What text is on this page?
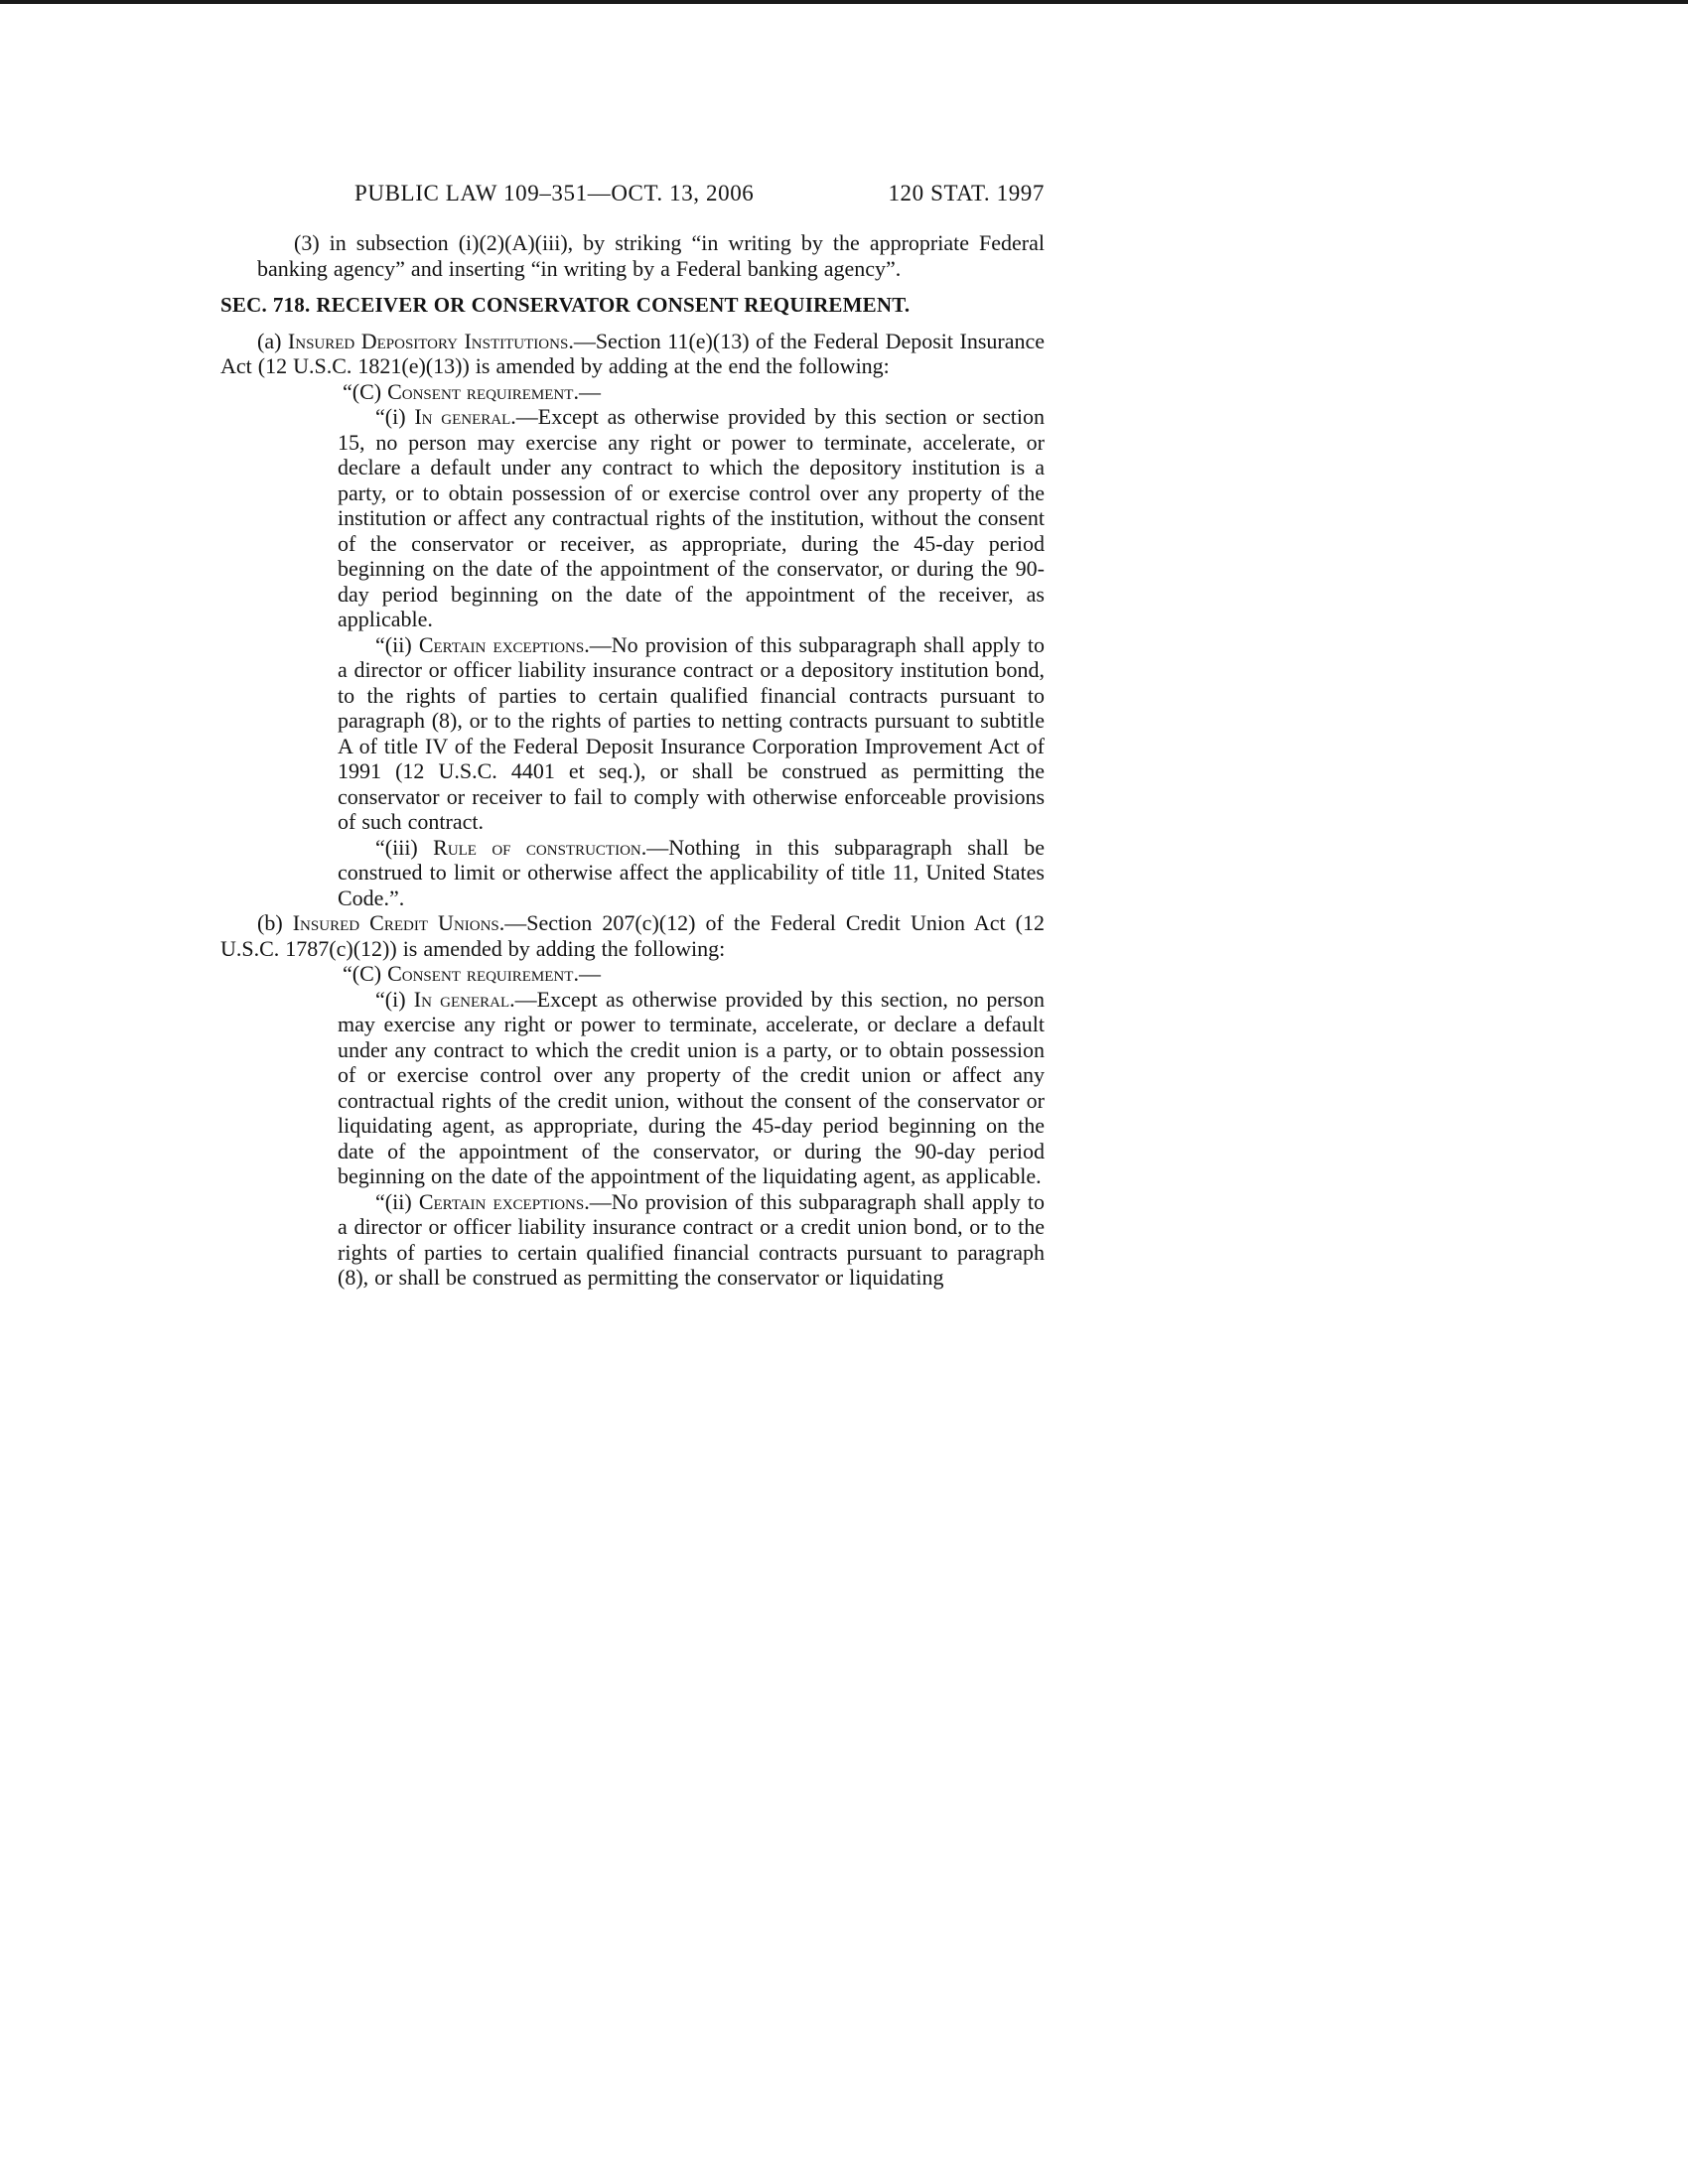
PUBLIC LAW 109–351—OCT. 13, 2006	120 STAT. 1997

(3) in subsection (i)(2)(A)(iii), by striking “in writing by the appropriate Federal banking agency” and inserting “in writing by a Federal banking agency”.

SEC. 718. RECEIVER OR CONSERVATOR CONSENT REQUIREMENT.

(a) Insured Depository Institutions.—Section 11(e)(13) of the Federal Deposit Insurance Act (12 U.S.C. 1821(e)(13)) is amended by adding at the end the following:

“(C) Consent requirement.—

“(i) In general.—Except as otherwise provided by this section or section 15, no person may exercise any right or power to terminate, accelerate, or declare a default under any contract to which the depository institution is a party, or to obtain possession of or exercise control over any property of the institution or affect any contractual rights of the institution, without the consent of the conservator or receiver, as appropriate, during the 45-day period beginning on the date of the appointment of the conservator, or during the 90-day period beginning on the date of the appointment of the receiver, as applicable.

“(ii) Certain exceptions.—No provision of this subparagraph shall apply to a director or officer liability insurance contract or a depository institution bond, to the rights of parties to certain qualified financial contracts pursuant to paragraph (8), or to the rights of parties to netting contracts pursuant to subtitle A of title IV of the Federal Deposit Insurance Corporation Improvement Act of 1991 (12 U.S.C. 4401 et seq.), or shall be construed as permitting the conservator or receiver to fail to comply with otherwise enforceable provisions of such contract.

“(iii) Rule of construction.—Nothing in this subparagraph shall be construed to limit or otherwise affect the applicability of title 11, United States Code.”.

(b) Insured Credit Unions.—Section 207(c)(12) of the Federal Credit Union Act (12 U.S.C. 1787(c)(12)) is amended by adding the following:

“(C) Consent requirement.—

“(i) In general.—Except as otherwise provided by this section, no person may exercise any right or power to terminate, accelerate, or declare a default under any contract to which the credit union is a party, or to obtain possession of or exercise control over any property of the credit union or affect any contractual rights of the credit union, without the consent of the conservator or liquidating agent, as appropriate, during the 45-day period beginning on the date of the appointment of the conservator, or during the 90-day period beginning on the date of the appointment of the liquidating agent, as applicable.

“(ii) Certain exceptions.—No provision of this subparagraph shall apply to a director or officer liability insurance contract or a credit union bond, or to the rights of parties to certain qualified financial contracts pursuant to paragraph (8), or shall be construed as permitting the conservator or liquidating
